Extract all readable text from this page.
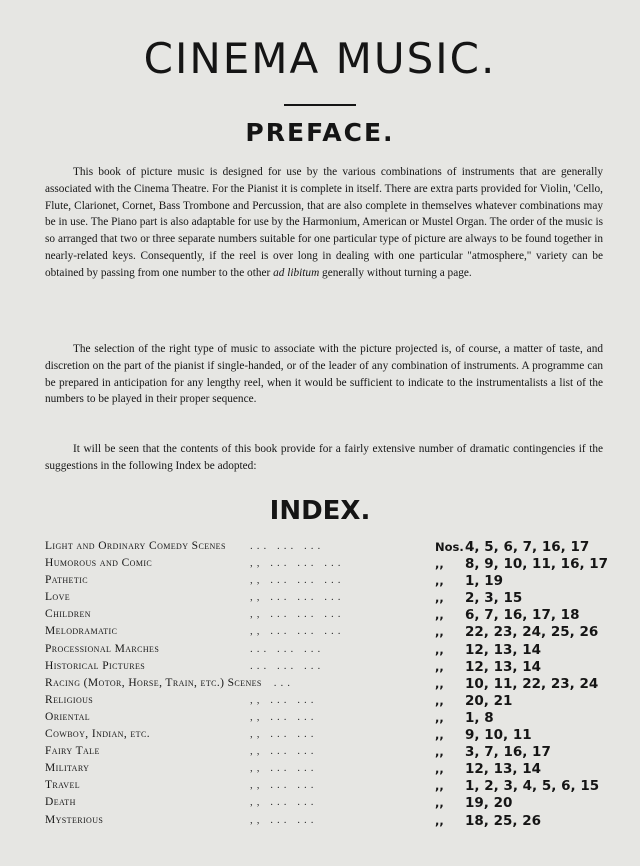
CINEMA MUSIC.
PREFACE.

This book of picture music is designed for use by the various combinations of instruments that are generally associated with the Cinema Theatre. For the Pianist it is complete in itself. There are extra parts provided for Violin, 'Cello, Flute, Clarionet, Cornet, Bass Trombone and Percussion, that are also complete in themselves whatever combinations may be in use. The Piano part is also adaptable for use by the Harmonium, American or Mustel Organ. The order of the music is so arranged that two or three separate numbers suitable for one particular type of picture are always to be found together in nearly-related keys. Consequently, if the reel is over long in dealing with one particular "atmosphere," variety can be obtained by passing from one number to the other ad libitum generally without turning a page.

The selection of the right type of music to associate with the picture projected is, of course, a matter of taste, and discretion on the part of the pianist if single-handed, or of the leader of any combination of instruments. A programme can be prepared in anticipation for any lengthy reel, when it would be sufficient to indicate to the instrumentalists a list of the numbers to be played in their proper sequence.

It will be seen that the contents of this book provide for a fairly extensive number of dramatic contingencies if the suggestions in the following Index be adopted:

INDEX.
Light and Ordinary Comedy Scenes ... ... ...	Nos.4, 5, 6, 7, 16, 17
Humorous and Comic	,, ... ... ...	,, 8, 9, 10, 11, 16, 17
Pathetic	,, ... ... ...	,, 1, 19
Love	,, ... ... ...	,, 2, 3, 15
Children	,, ... ... ...	,, 6, 7, 16, 17, 18
Melodramatic	,, ... ... ...	,, 22, 23, 24, 25, 26
Processional Marches	... ... ...	,, 12, 13, 14
Historical Pictures	... ... ...	,, 12, 13, 14
Racing (Motor, Horse, Train, etc.) Scenes ...	,, 10, 11, 22, 23, 24
Religious	,, ... ...	,, 20, 21
Oriental	,, ... ...	,, 1, 8
Cowboy, Indian, etc.	,, ... ...	,, 9, 10, 11
Fairy Tale	,, ... ...	,, 3, 7, 16, 17
Military	,, ... ...	,, 12, 13, 14
Travel	,, ... ...	,, 1, 2, 3, 4, 5, 6, 15
Death	,, ... ...	,, 19, 20
Mysterious	,, ... ...	,, 18, 25, 26
